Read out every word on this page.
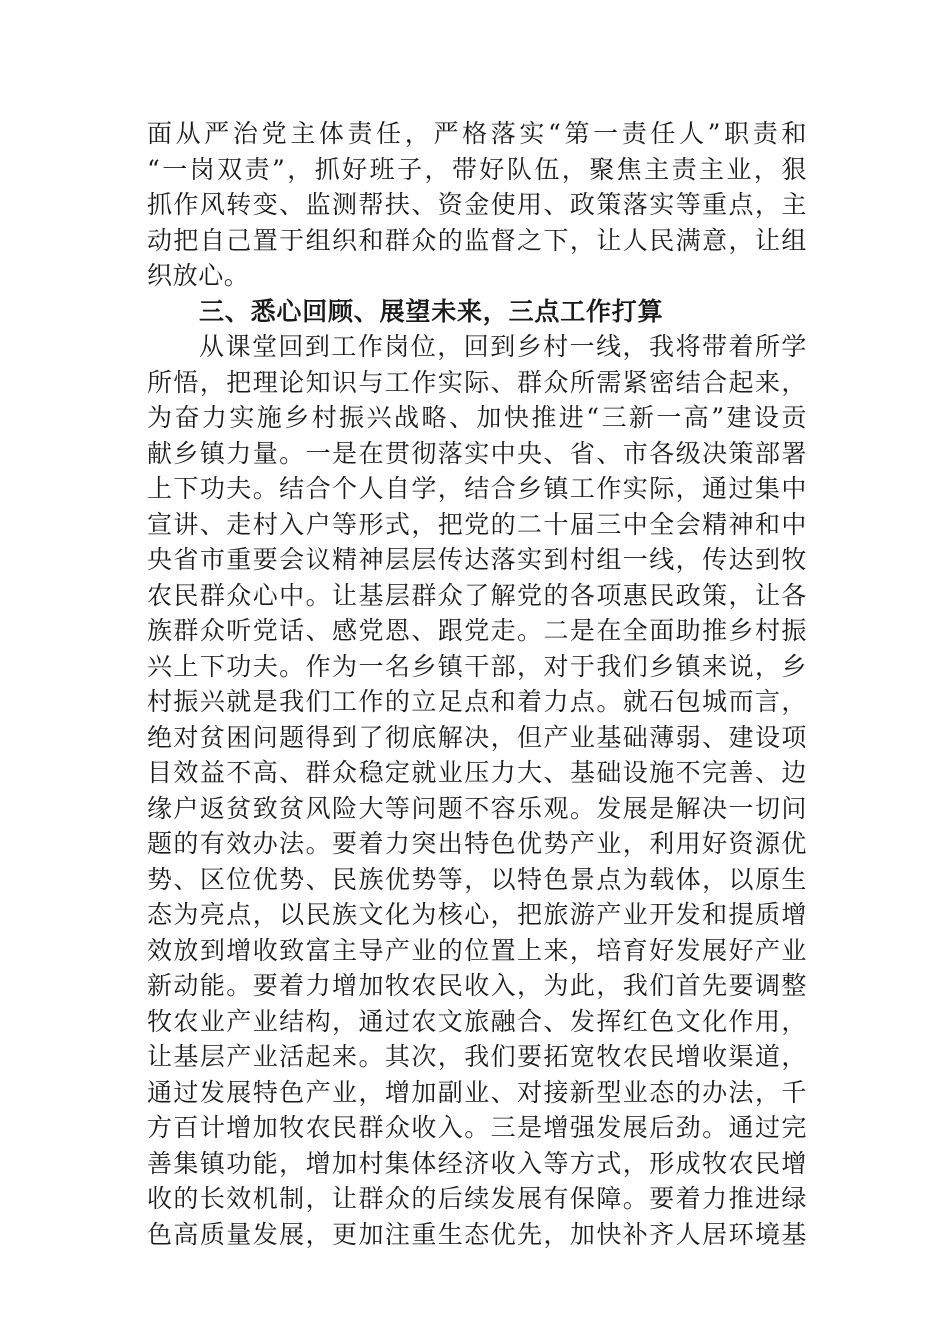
面从严治党主体责任，严格落实“第一责任人”职责和
“一岗双责”，抓好班子，带好队伍，聚焦主责主业，狠
抓作风转变、监测帮扶、资金使用、政策落实等重点，主
动把自己置于组织和群众的监督之下，让人民满意，让组
织放心。
三、悉心回顾、展望未来，三点工作打算
从课堂回到工作岗位，回到乡村一线，我将带着所学
所悟，把理论知识与工作实际、群众所需紧密结合起来，
为奋力实施乡村振兴战略、加快推进“三新一高”建设贡
献乡镇力量。一是在贯彻落实中央、省、市各级决策部署
上下功夫。结合个人自学，结合乡镇工作实际，通过集中
宣讲、走村入户等形式，把党的二十届三中全会精神和中
央省市重要会议精神层层传达落实到村组一线，传达到牧
农民群众心中。让基层群众了解党的各项惠民政策，让各
族群众听党话、感党恩、跟党走。二是在全面助推乡村振
兴上下功夫。作为一名乡镇干部，对于我们乡镇来说，乡
村振兴就是我们工作的立足点和着力点。就石包城而言，
绝对贫困问题得到了彻底解决，但产业基础薄弱、建设项
目效益不高、群众稳定就业压力大、基础设施不完善、边
缘户返贫致贫风险大等问题不容乐观。发展是解决一切问
题的有效办法。要着力突出特色优势产业，利用好资源优
势、区位优势、民族优势等，以特色景点为载体，以原生
态为亮点，以民族文化为核心，把旅游产业开发和提质增
效放到增收致富主导产业的位置上来，培育好发展好产业
新动能。要着力增加牧农民收入，为此，我们首先要调整
牧农业产业结构，通过农文旅融合、发挥红色文化作用，
让基层产业活起来。其次，我们要拓宽牧农民增收渠道，
通过发展特色产业，增加副业、对接新型业态的办法，千
方百计增加牧农民群众收入。三是增强发展后劲。通过完
善集镇功能，增加村集体经济收入等方式，形成牧农民增
收的长效机制，让群众的后续发展有保障。要着力推进绿
色高质量发展，更加注重生态优先，加快补齐人居环境基
